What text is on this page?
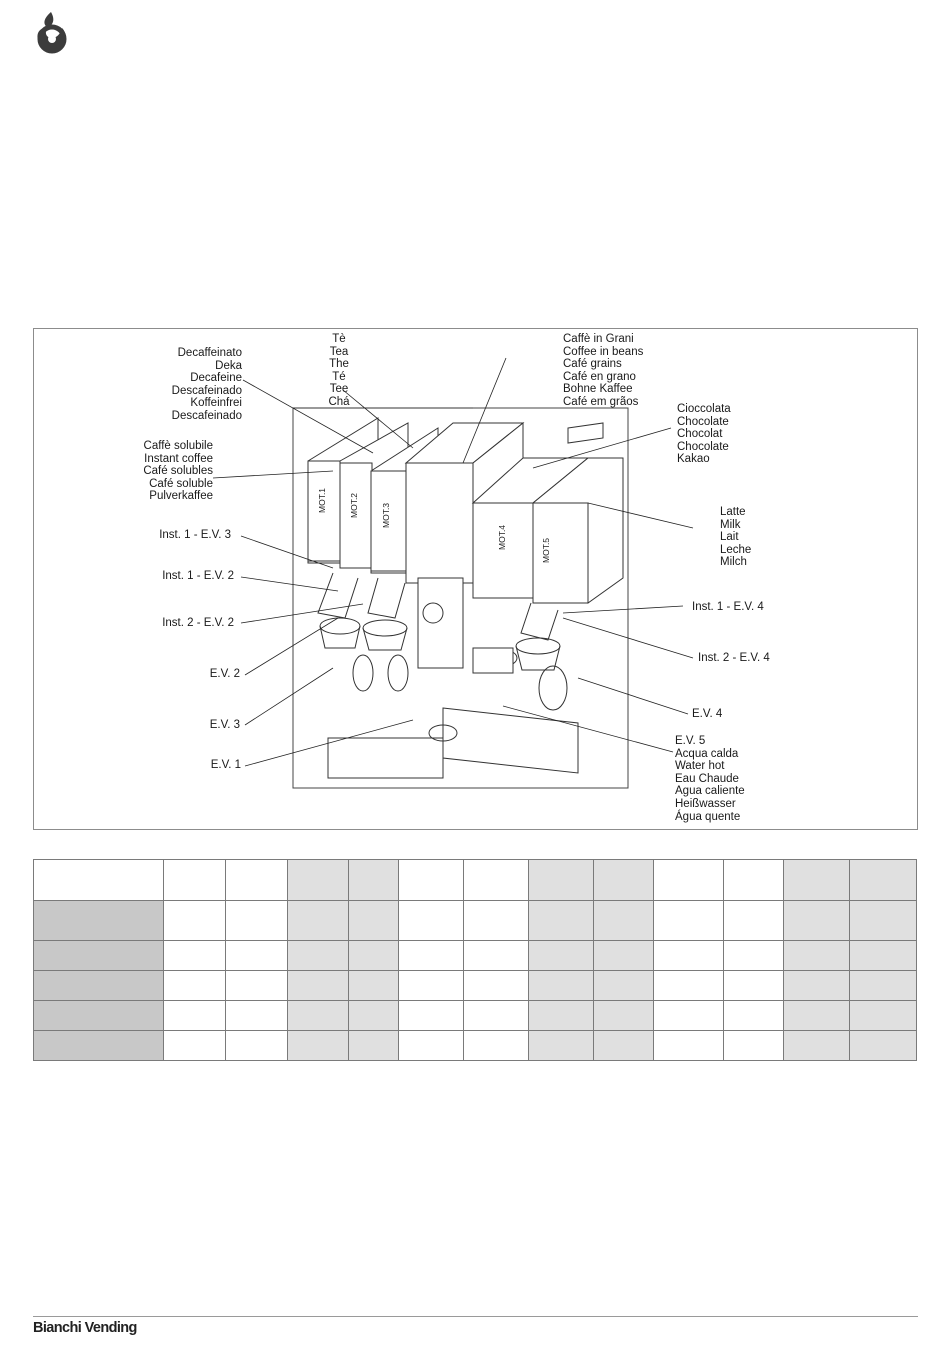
MOT.1	MOT.2	MOT.3
MOT.4
MOT.5
Decaffeinato
Deka
Decafeine
Descafeinado
Koffeinfrei
Descafeinado
Tè
Tea
The
Té
Tee
Chá
Caffè in Grani
Coffee in beans
Café grains
Café en grano
Bohne Kaffee
Café em grãos
Caffè solubile
Instant coffee
Café solubles
Café soluble
Pulverkaffee
Cioccolata
Chocolate
Chocolat
Chocolate
Kakao
Latte
Milk
Lait
Leche
Milch
Inst. 1 - E.V. 3
Inst. 1 - E.V. 2
Inst. 2 - E.V. 2
E.V. 2
E.V. 3
E.V. 1
Inst. 1 - E.V. 4
Inst. 2 - E.V. 4
E.V. 4
E.V. 5
Acqua calda
Water hot
Eau Chaude
Agua caliente
Heißwasser
Água quente

Bianchi Vending
